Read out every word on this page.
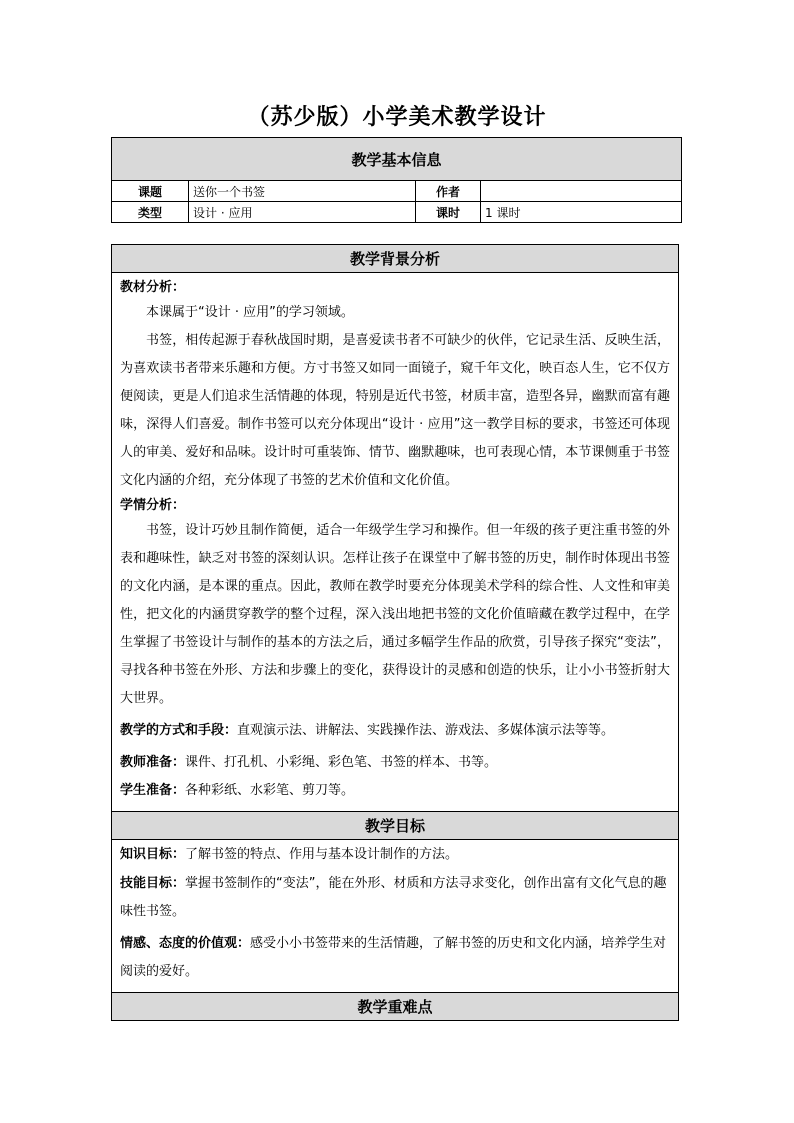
（苏少版）小学美术教学设计
教学基本信息			
课题	送你一个书签	作者	
类型	设计 · 应用	课时	1 课时
教学背景分析

教材分析：

本课属于“设计 · 应用”的学习领域。

书签，相传起源于春秋战国时期，是喜爱读书者不可缺少的伙伴，它记录生活、反映生活，为喜欢读书者带来乐趣和方便。方寸书签又如同一面镜子，窥千年文化，映百态人生，它不仅方便阅读，更是人们追求生活情趣的体现，特别是近代书签，材质丰富，造型各异，幽默而富有趣味，深得人们喜爱。制作书签可以充分体现出“设计 · 应用”这一教学目标的要求，书签还可体现人的审美、爱好和品味。设计时可重装饰、情节、幽默趣味，也可表现心情，本节课侧重于书签文化内涵的介绍，充分体现了书签的艺术价值和文化价值。

学情分析：

书签，设计巧妙且制作简便，适合一年级学生学习和操作。但一年级的孩子更注重书签的外表和趣味性，缺乏对书签的深刻认识。怎样让孩子在课堂中了解书签的历史，制作时体现出书签的文化内涵，是本课的重点。因此，教师在教学时要充分体现美术学科的综合性、人文性和审美性，把文化的内涵贯穿教学的整个过程，深入浅出地把书签的文化价值暗藏在教学过程中，在学生掌握了书签设计与制作的基本的方法之后，通过多幅学生作品的欣赏，引导孩子探究“变法”，寻找各种书签在外形、方法和步骤上的变化，获得设计的灵感和创造的快乐，让小小书签折射大大世界。

教学的方式和手段：直观演示法、讲解法、实践操作法、游戏法、多媒体演示法等等。

教师准备：课件、打孔机、小彩绳、彩色笔、书签的样本、书等。

学生准备：各种彩纸、水彩笔、剪刀等。

教学目标

知识目标：了解书签的特点、作用与基本设计制作的方法。

技能目标：掌握书签制作的“变法”，能在外形、材质和方法寻求变化，创作出富有文化气息的趣味性书签。

情感、态度的价值观：感受小小书签带来的生活情趣，了解书签的历史和文化内涵，培养学生对阅读的爱好。

教学重难点
